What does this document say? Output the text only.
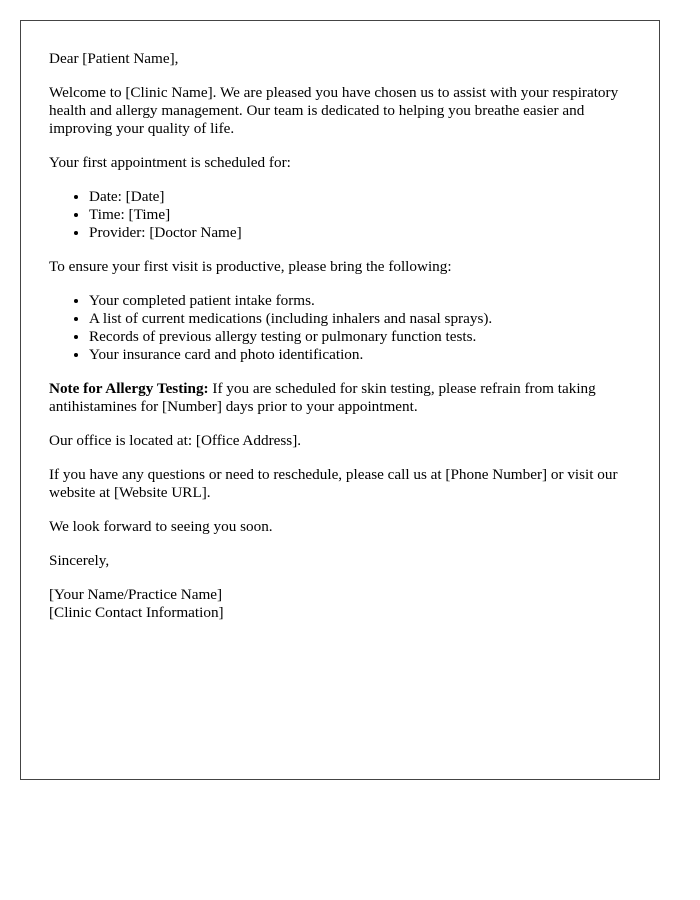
Dear [Patient Name],

Welcome to [Clinic Name]. We are pleased you have chosen us to assist with your respiratory health and allergy management. Our team is dedicated to helping you breathe easier and improving your quality of life.

Your first appointment is scheduled for:

• Date: [Date]
• Time: [Time]
• Provider: [Doctor Name]

To ensure your first visit is productive, please bring the following:

• Your completed patient intake forms.
• A list of current medications (including inhalers and nasal sprays).
• Records of previous allergy testing or pulmonary function tests.
• Your insurance card and photo identification.

Note for Allergy Testing: If you are scheduled for skin testing, please refrain from taking antihistamines for [Number] days prior to your appointment.

Our office is located at: [Office Address].

If you have any questions or need to reschedule, please call us at [Phone Number] or visit our website at [Website URL].

We look forward to seeing you soon.

Sincerely,

[Your Name/Practice Name]

[Clinic Contact Information]
